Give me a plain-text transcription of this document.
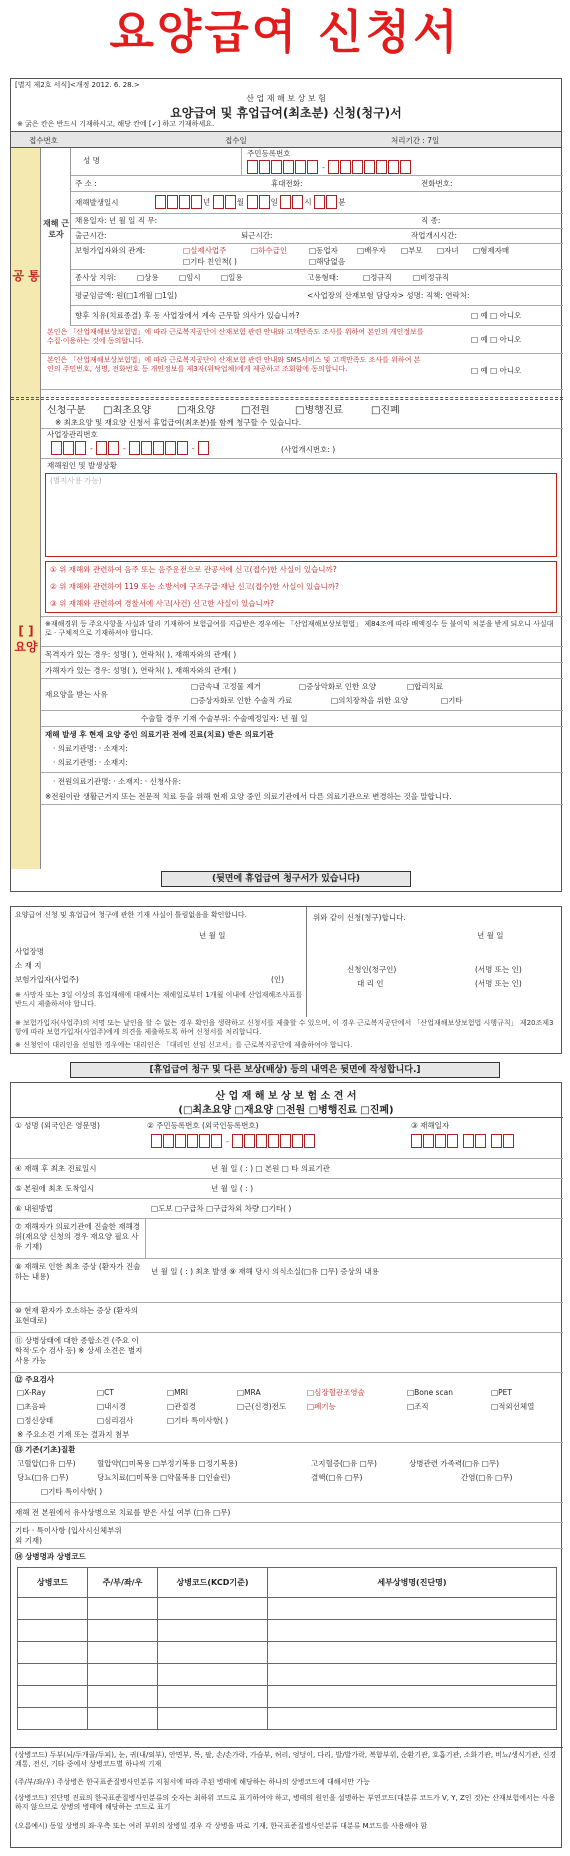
요양급여 신청서
[별지 제2호 서식]<개정 2012. 6. 28.>
산 업 재 해 보 상 보 험
요양급여 및 휴업급여(최초분) 신청(청구)서
※ 굵은 칸은 반드시 기재하시고, 해당 칸에 [✓] 하고 기재하세요.
접수번호	접수일	처리기간 : 7일
공 통
재해 근로자
성 명
주민등록번호
-
주 소 :	휴대전화:	전화번호:
재해발생일시	년	월	일	시	분
채용일자: 년 월 일 직 무:	직 종:
출근시간:	퇴근시간:	작업개시시간:
보험가입자와의 관계:	□실제사업주	□하수급인	□동업자	□배우자 □부모 □자녀 □형제자매
□기타 친인척( )	□해당없음
종사상 지위:	□상용	□임시	□일용	고용형태:	□정규직	□비정규직
평균임금액: 원(□1개월 □1일)	<사업장의 산재보험 담당자> 성명: 직책: 연락처:
향후 치유(치료종결) 후 동 사업장에서 계속 근무할 의사가 있습니까?	□ 예 □ 아니오
본인은 「산업재해보상보험법」에 따라 근로복지공단이 산재보험 관련 안내와 고객만족도 조사를 위하여 본인의 개인정보를 수집·이용하는 것에 동의합니다.	□ 예 □ 아니오
본인은 「산업재해보상보험법」에 따라 근로복지공단이 산재보험 관련 안내와 SMS서비스 및 고객만족도 조사를 위하여 본인의 주민번호, 성명, 전화번호 등 개인정보를 제3자(위탁업체)에게 제공하고 조회함에 동의합니다.	□ 예 □ 아니오
[ ] 요양
신청구분 □최초요양	□재요양	□전원	□병행진료	□진폐
※ 최초요양 및 재요양 신청서 휴업급여(최초분)를 함께 청구할 수 있습니다.
사업장관리번호
-	-	-	(사업개시번호: )
재해원인 및 발생상황
(별지사용 가능)
① 위 재해와 관련하여 음주 또는 음주운전으로 관공서에 신고(접수)한 사실이 있습니까?
② 위 재해와 관련하여 119 또는 소방서에 구조구급·재난 신고(접수)한 사실이 있습니까?
③ 위 재해와 관련하여 경찰서에 사고(사건) 신고한 사실이 있습니까?
※재해경위 등 주요사항을 사실과 달리 기재하여 보험급여를 지급받은 경우에는 「산업재해보상보험법」 제84조에 따라 배액징수 등 불이익 처분을 받게 되오니 사실대로 · 구체적으로 기재하셔야 합니다.
목격자가 있는 경우: 성명( ), 연락처( ), 재해자와의 관계( )
가해자가 있는 경우: 성명( ), 연락처( ), 재해자와의 관계( )
재요양을 받는 사유
□금속내 고정물 제거	□증상악화로 인한 요양	□합리치료
□증상자화로 인한 수술적 가료	□의치장착을 위한 요양	□기타
수술할 경우 기재 수술부위: 수술예정일자: 년 월 일
재해 발생 후 현재 요양 중인 의료기관 전에 진료(치료) 받은 의료기관
· 의료기관명: · 소재지:
· 의료기관명: · 소재지:
· 전원의료기관명: · 소재지: · 신청사유:
※전원이란 생활근거지 또는 전문적 치료 등을 위해 현재 요양 중인 의료기관에서 다른 의료기관으로 변경하는 것을 말합니다.
(뒷면에 휴업급여 청구서가 있습니다)
요양급여 신청 및 휴업급여 청구에 관한 기재 사실이 틀림없음을 확인합니다.
년 월 일
사업장명
소 재 지
보험가입자(사업주)	(인)
위와 같이 신청(청구)합니다.
년 월 일
신청인(청구인)
대 리 인
(서명 또는 인)
(서명 또는 인)
※ 사망자 또는 3일 이상의 휴업재해에 대해서는 재해일로부터 1개월 이내에 산업재해조사표를 반드시 제출하셔야 합니다.
※ 보험가입자(사업주)의 서명 또는 날인을 할 수 없는 경우 확인을 생략하고 신청서를 제출할 수 있으며, 이 경우 근로복지공단에서 「산업재해보상보험법 시행규칙」 제20조제3항에 따라 보험가입자(사업주)에게 의견을 제출하도록 하여 신청서를 처리합니다.
※ 신청인이 대리인을 선임한 경우에는 대리인은 「대리인 선임 신고서」를 근로복지공단에 제출하여야 합니다.
[휴업급여 청구 및 다른 보상(배상) 등의 내역은 뒷면에 작성합니다.]
산 업 재 해 보 상 보 험 소 견 서
(□최초요양 □재요양 □전원 □병행진료 □진폐)
① 성명 (외국인은 영문명)	② 주민등록번호 (외국인등록번호)	③ 재해일자
-
④ 재해 후 최초 진료일시	년 월 일 ( : ) □ 본원 □ 타 의료기관
⑤ 본원에 최초 도착일시	년 월 일 ( : )
⑥ 내원방법	□도보 □구급차 □구급차외 차량 □기타( )
⑦ 재해자가 의료기관에 진술한 재해경위(재요양 신청의 경우 재요양 필요 사유 기재)
⑧ 재해로 인한 최초 증상 (환자가 진술하는 내용)
년 월 일 ( : ) 최초 발생 ⑨ 재해 당시 의식소실(□유 □무) 증상의 내용
⑩ 현재 환자가 호소하는 증상 (환자의 표현대로)
⑪ 상병상태에 대한 종합소견 (주요 이학적·도수 검사 등) ※ 상세 소견은 별지 사용 가능
⑫ 주요검사
□X-Ray	□CT	□MRI	□MRA	□심장혈관조영술	□Bone scan	□PET
□초음파	□내시경	□관절경	□근(신경)전도	□폐기능	□조직	□적외선체열
□정신상태	□심리검사	□기타 특이사항( )
※ 주요소견 기재 또는 결과지 첨부
⑬ 기존(기초)질환
고혈압(□유 □무)	혈압약(□미복용 □부정기복용 □정기복용)	고지혈증(□유 □무)	상병관련 가족력(□유 □무)
당뇨(□유 □무)	당뇨치료(□미복용 □약물복용 □인슐린)	결핵(□유 □무)	간염(□유 □무)
□기타 특이사항( )
재해 전 본원에서 유사상병으로 치료를 받은 사실 여부 (□유 □무)
기타 · 특이사항 (입사시신체부위 외 기재)
⑭ 상병명과 상병코드
상병코드	주/부/좌/우	상병코드(KCD기준)	세부상병명(진단명)

(상병코드) 두부(뇌/두개골/두피), 눈, 귀(내/외부), 안면부, 목, 팔, 손/손가락, 가슴부, 허리, 엉덩이, 다리, 발/발가락, 복합부위, 순환기관, 호흡기관, 소화기관, 비뇨/생식기관, 신경계통, 전신, 기타 중에서 상병코드별 하나씩 기재
(주/부/좌/우) 주상병은 한국표준질병사인분류 지침서에 따라 주된 병태에 해당하는 하나의 상병코드에 대해서만 가능
(상병코드) 진단명 진료의 한국표준질병사인분류의 숫자는 최하위 코드로 표기하여야 하고, 병태의 원인을 설명하는 부연코드(대분류 코드가 V, Y, Z인 것)는 산재보험에서는 사용하지 않으므로 상병의 병태에 해당하는 코드로 표기
(오름예시) 동일 상병의 좌·우측 또는 여러 부위의 상병일 경우 각 상병을 따로 기재, 한국표준질병사인분류 대분류 M코드를 사용해야 함
